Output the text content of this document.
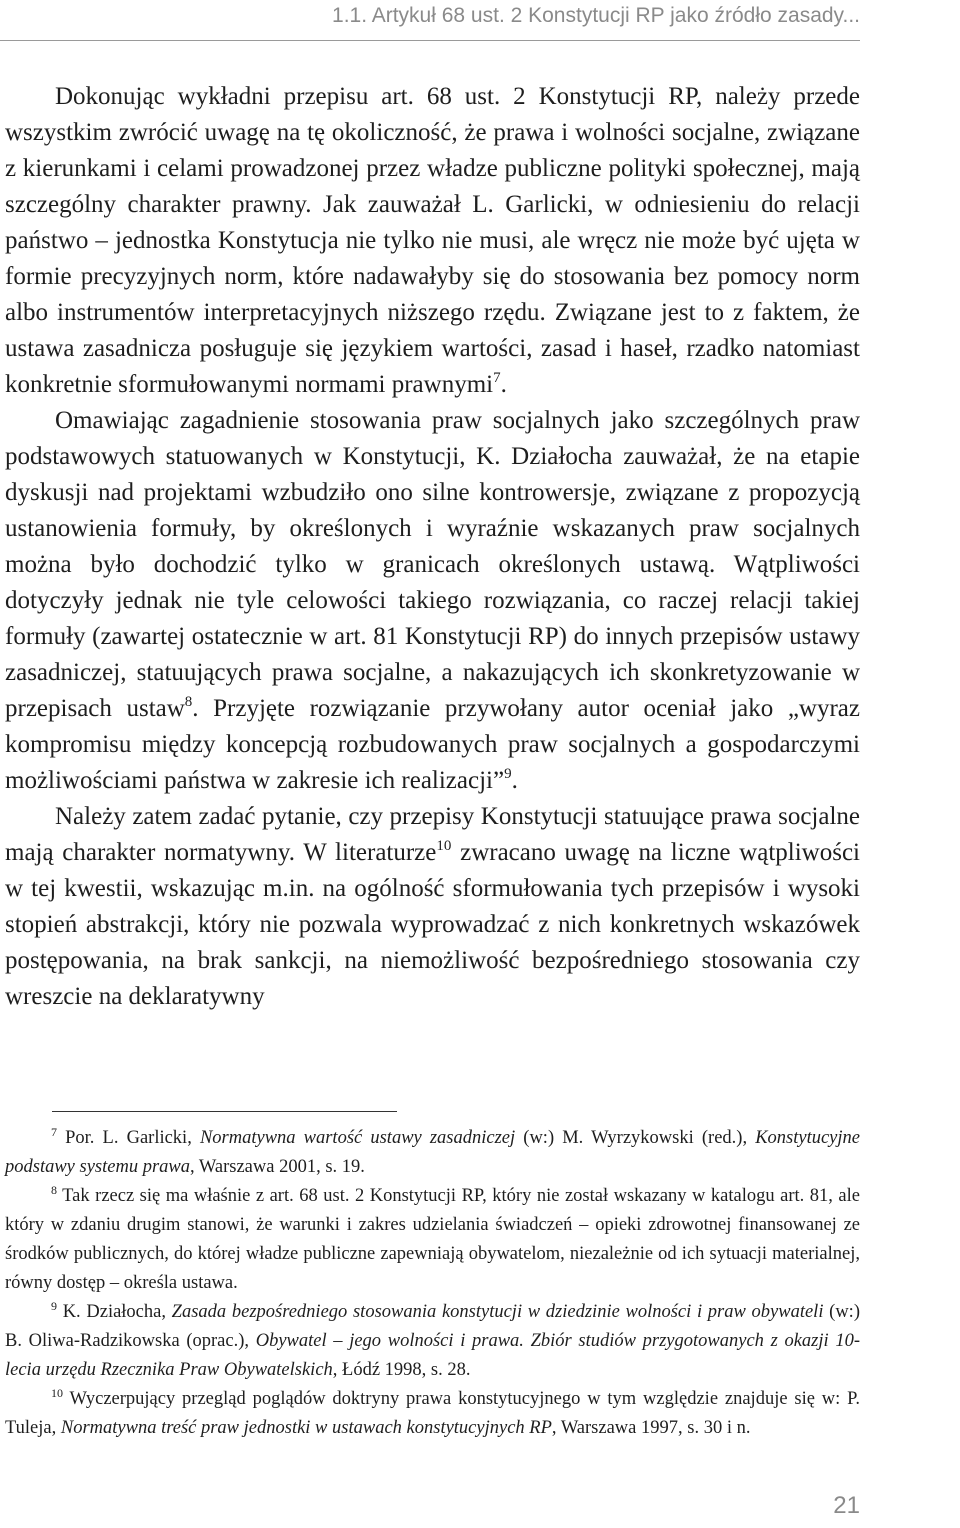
1.1. Artykuł 68 ust. 2 Konstytucji RP jako źródło zasady...

Dokonując wykładni przepisu art. 68 ust. 2 Konstytucji RP, należy przede wszystkim zwrócić uwagę na tę okoliczność, że prawa i wolności socjalne, związane z kierunkami i celami prowadzonej przez władze publiczne polityki społecznej, mają szczególny charakter prawny. Jak zauważał L. Garlicki, w odniesieniu do relacji państwo – jednostka Konstytucja nie tylko nie musi, ale wręcz nie może być ujęta w formie precyzyjnych norm, które nadawałyby się do stosowania bez pomocy norm albo instrumentów interpretacyjnych niższego rzędu. Związane jest to z faktem, że ustawa zasadnicza posługuje się językiem wartości, zasad i haseł, rzadko natomiast konkretnie sformułowanymi normami prawnymi$^7$.

Omawiając zagadnienie stosowania praw socjalnych jako szczególnych praw podstawowych statuowanych w Konstytucji, K. Działocha zauważał, że na etapie dyskusji nad projektami wzbudziło ono silne kontrowersje, związane z propozycją ustanowienia formuły, by określonych i wyraźnie wskazanych praw socjalnych można było dochodzić tylko w granicach określonych ustawą. Wątpliwości dotyczyły jednak nie tyle celowości takiego rozwiązania, co raczej relacji takiej formuły (zawartej ostatecznie w art. 81 Konstytucji RP) do innych przepisów ustawy zasadniczej, statuujących prawa socjalne, a nakazujących ich skonkretyzowanie w przepisach ustaw$^8$. Przyjęte rozwiązanie przywołany autor oceniał jako „wyraz kompromisu między koncepcją rozbudowanych praw socjalnych a gospodarczymi możliwościami państwa w zakresie ich realizacji”$^9$.

Należy zatem zadać pytanie, czy przepisy Konstytucji statuujące prawa socjalne mają charakter normatywny. W literaturze$^{10}$ zwracano uwagę na liczne wątpliwości w tej kwestii, wskazując m.in. na ogólność sformułowania tych przepisów i wysoki stopień abstrakcji, który nie pozwala wyprowadzać z nich konkretnych wskazówek postępowania, na brak sankcji, na niemożliwość bezpośredniego stosowania czy wreszcie na deklaratywny

$^7$ Por. L. Garlicki, Normatywna wartość ustawy zasadniczej (w:) M. Wyrzykowski (red.), Konstytucyjne podstawy systemu prawa, Warszawa 2001, s. 19.

$^8$ Tak rzecz się ma właśnie z art. 68 ust. 2 Konstytucji RP, który nie został wskazany w katalogu art. 81, ale który w zdaniu drugim stanowi, że warunki i zakres udzielania świadczeń – opieki zdrowotnej finansowanej ze środków publicznych, do której władze publiczne zapewniają obywatelom, niezależnie od ich sytuacji materialnej, równy dostęp – określa ustawa.

$^9$ K. Działocha, Zasada bezpośredniego stosowania konstytucji w dziedzinie wolności i praw obywateli (w:) B. Oliwa-Radzikowska (oprac.), Obywatel – jego wolności i prawa. Zbiór studiów przygotowanych z okazji 10-lecia urzędu Rzecznika Praw Obywatelskich, Łódź 1998, s. 28.

$^{10}$ Wyczerpujący przegląd poglądów doktryny prawa konstytucyjnego w tym względzie znajduje się w: P. Tuleja, Normatywna treść praw jednostki w ustawach konstytucyjnych RP, Warszawa 1997, s. 30 i n.

21
